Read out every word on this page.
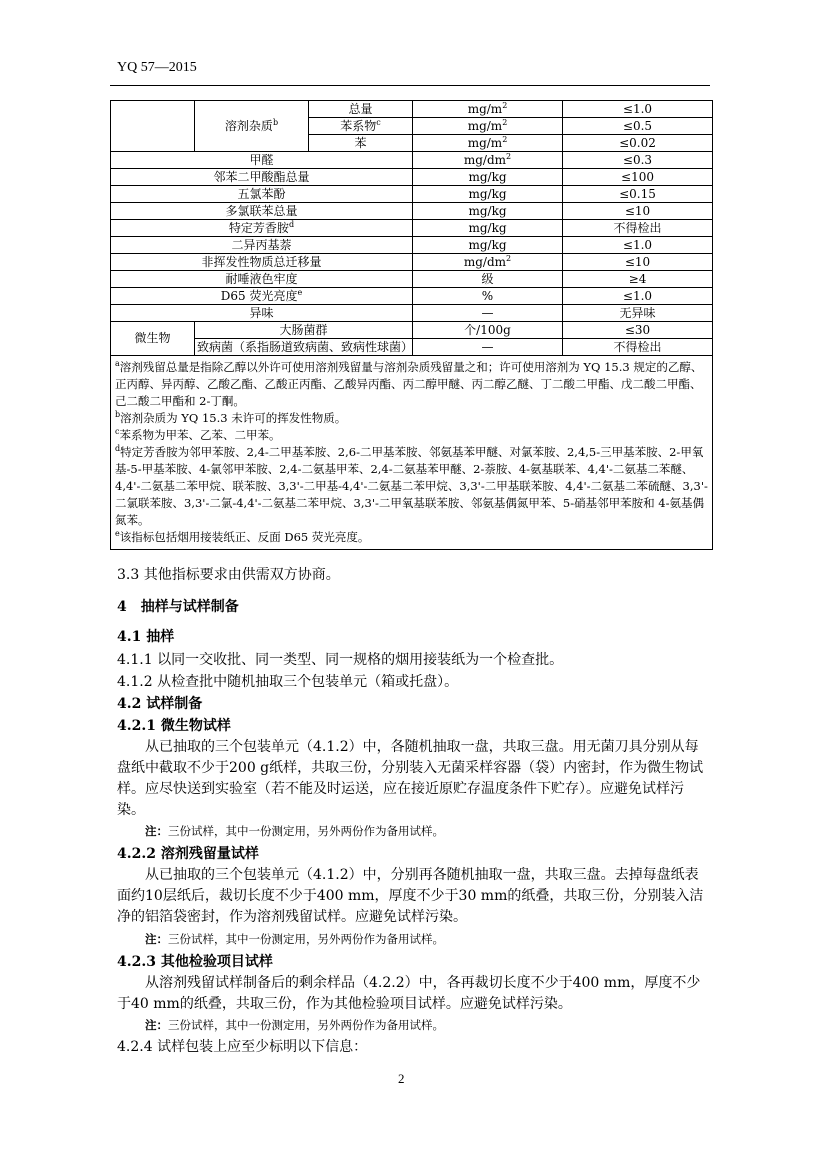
YQ 57—2015
	溶剂杂质$^b$	总量	$mg/m^2$	≤1.0
		苯系物$^c$	$mg/m^2$	≤0.5
		苯	$mg/m^2$	≤0.02
甲醛			$mg/dm^2$	≤0.3
邻苯二甲酸酯总量			mg/kg	≤100
五氯苯酚			mg/kg	≤0.15
多氯联苯总量			mg/kg	≤10
特定芳香胺$^d$			mg/kg	不得检出
二异丙基萘			mg/kg	≤1.0
非挥发性物质总迁移量			$mg/dm^2$	≤10
耐唾液色牢度			级	≥4
D65 荧光亮度$^e$			%	≤1.0
异味			—	无异味
微生物	大肠菌群		个/100g	≤30
	致病菌（系指肠道致病菌、致病性球菌）		—	不得检出

$^a$溶剂残留总量是指除乙醇以外许可使用溶剂残留量与溶剂杂质残留量之和；许可使用溶剂为 YQ 15.3 规定的乙醇、正丙醇、异丙醇、乙酸乙酯、乙酸正丙酯、乙酸异丙酯、丙二醇甲醚、丙二醇乙醚、丁二酸二甲酯、戊二酸二甲酯、己二酸二甲酯和 2-丁酮。
$^b$溶剂杂质为 YQ 15.3 未许可的挥发性物质。
$^c$苯系物为甲苯、乙苯、二甲苯。
$^d$特定芳香胺为邻甲苯胺、2,4-二甲基苯胺、2,6-二甲基苯胺、邻氨基苯甲醚、对氯苯胺、2,4,5-三甲基苯胺、2-甲氧基-5-甲基苯胺、4-氯邻甲苯胺、2,4-二氨基甲苯、2,4-二氨基苯甲醚、2-萘胺、4-氨基联苯、4,4'-二氨基二苯醚、4,4'-二氨基二苯甲烷、联苯胺、3,3'-二甲基-4,4'-二氨基二苯甲烷、3,3'-二甲基联苯胺、4,4'-二氨基二苯硫醚、3,3'-二氯联苯胺、3,3'-二氯-4,4'-二氨基二苯甲烷、3,3'-二甲氧基联苯胺、邻氨基偶氮甲苯、5-硝基邻甲苯胺和 4-氨基偶氮苯。
$^e$该指标包括烟用接装纸正、反面 D65 荧光亮度。				
3.3 其他指标要求由供需双方协商。
4　抽样与试样制备
4.1 抽样
4.1.1 以同一交收批、同一类型、同一规格的烟用接装纸为一个检查批。
4.1.2 从检查批中随机抽取三个包装单元（箱或托盘）。
4.2 试样制备
4.2.1 微生物试样
从已抽取的三个包装单元（4.1.2）中，各随机抽取一盘，共取三盘。用无菌刀具分别从每盘纸中截取不少于200 g纸样，共取三份，分别装入无菌采样容器（袋）内密封，作为微生物试样。应尽快送到实验室（若不能及时运送，应在接近原贮存温度条件下贮存）。应避免试样污染。
注：三份试样，其中一份测定用，另外两份作为备用试样。
4.2.2 溶剂残留量试样
从已抽取的三个包装单元（4.1.2）中，分别再各随机抽取一盘，共取三盘。去掉每盘纸表面约10层纸后，裁切长度不少于400 mm，厚度不少于30 mm的纸叠，共取三份，分别装入洁净的铝箔袋密封，作为溶剂残留试样。应避免试样污染。
注：三份试样，其中一份测定用，另外两份作为备用试样。
4.2.3 其他检验项目试样
从溶剂残留试样制备后的剩余样品（4.2.2）中，各再裁切长度不少于400 mm，厚度不少于40 mm的纸叠，共取三份，作为其他检验项目试样。应避免试样污染。
注：三份试样，其中一份测定用，另外两份作为备用试样。
4.2.4 试样包装上应至少标明以下信息：
2
